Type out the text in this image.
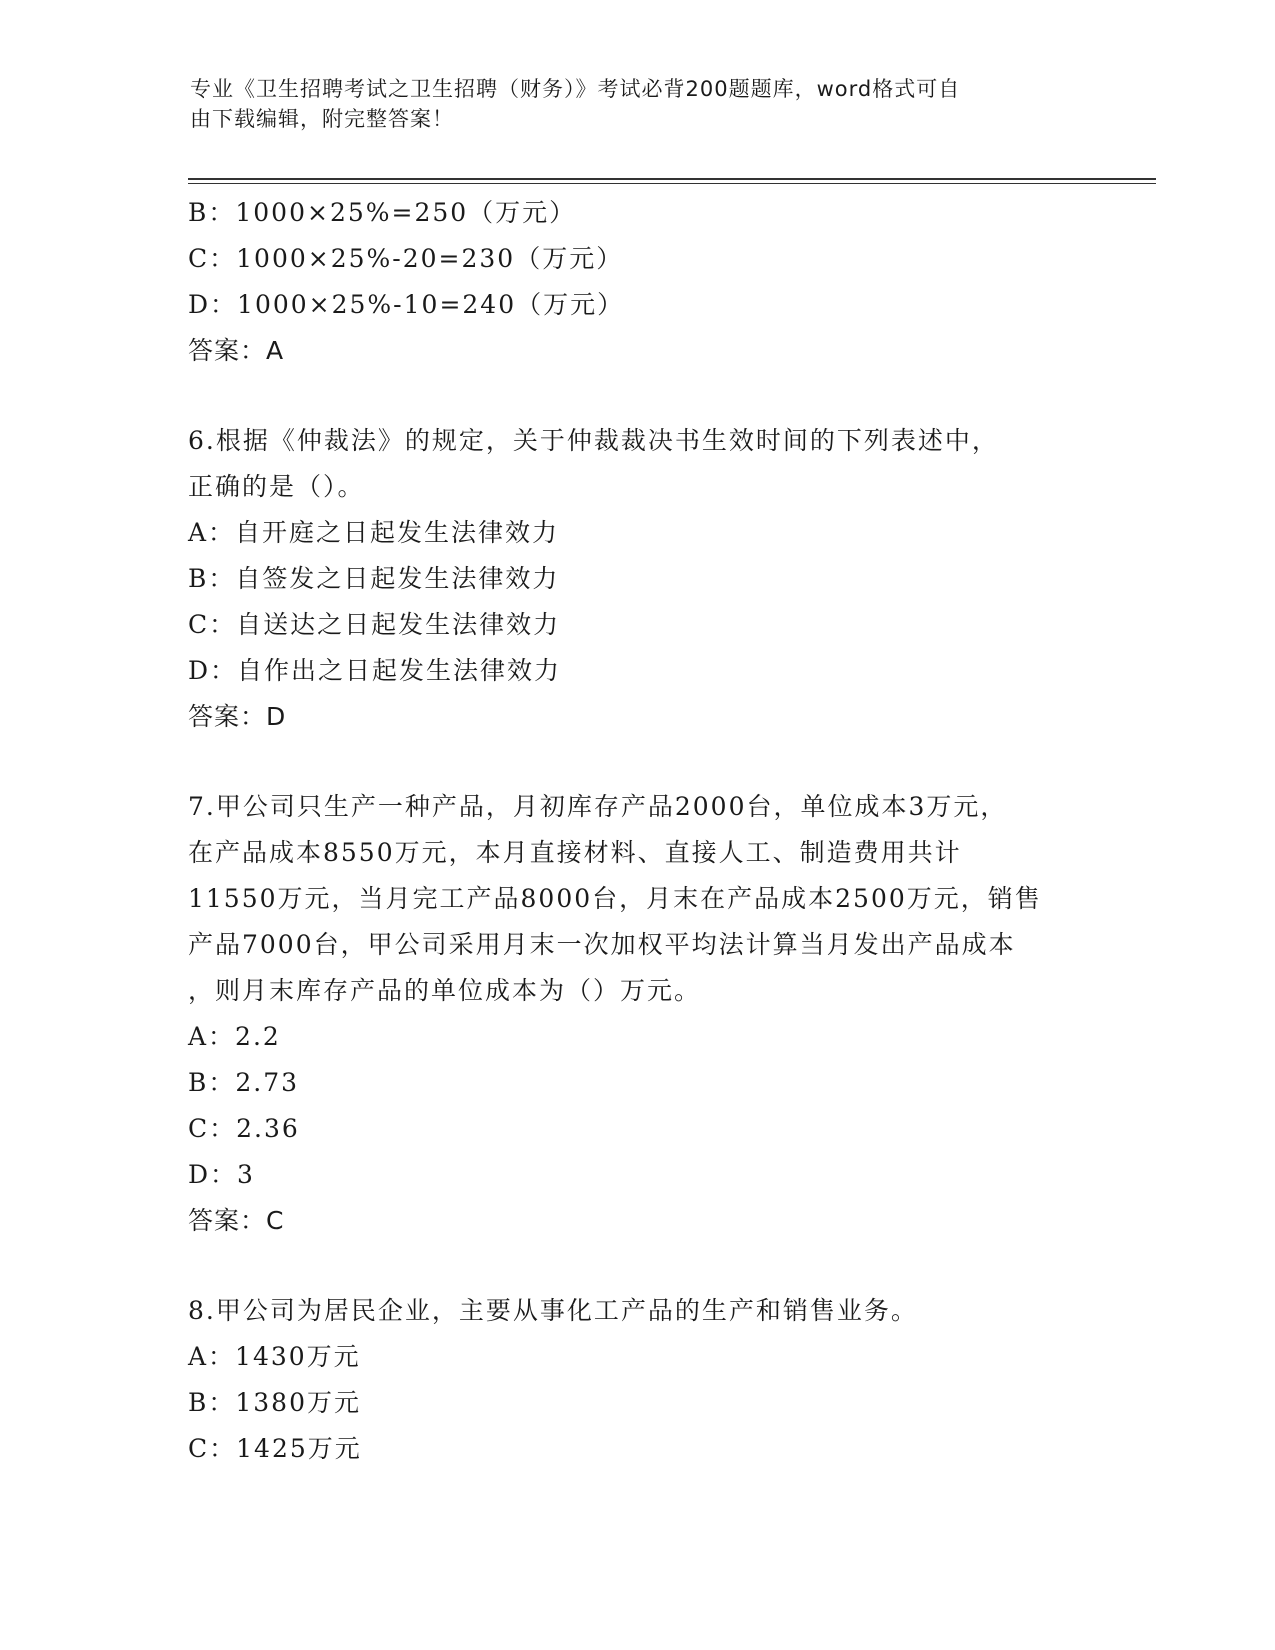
专业《卫生招聘考试之卫生招聘（财务）》考试必背200题题库，word格式可自
由下载编辑，附完整答案！
B：1000×25%=250（万元）
C：1000×25%-20=230（万元）
D：1000×25%-10=240（万元）
答案：A
6.根据《仲裁法》的规定，关于仲裁裁决书生效时间的下列表述中，
正确的是（）。
A：自开庭之日起发生法律效力
B：自签发之日起发生法律效力
C：自送达之日起发生法律效力
D：自作出之日起发生法律效力
答案：D
7.甲公司只生产一种产品，月初库存产品2000台，单位成本3万元，
在产品成本8550万元，本月直接材料、直接人工、制造费用共计
11550万元，当月完工产品8000台，月末在产品成本2500万元，销售
产品7000台，甲公司采用月末一次加权平均法计算当月发出产品成本
，则月末库存产品的单位成本为（）万元。
A：2.2
B：2.73
C：2.36
D：3
答案：C
8.甲公司为居民企业，主要从事化工产品的生产和销售业务。
A：1430万元
B：1380万元
C：1425万元
